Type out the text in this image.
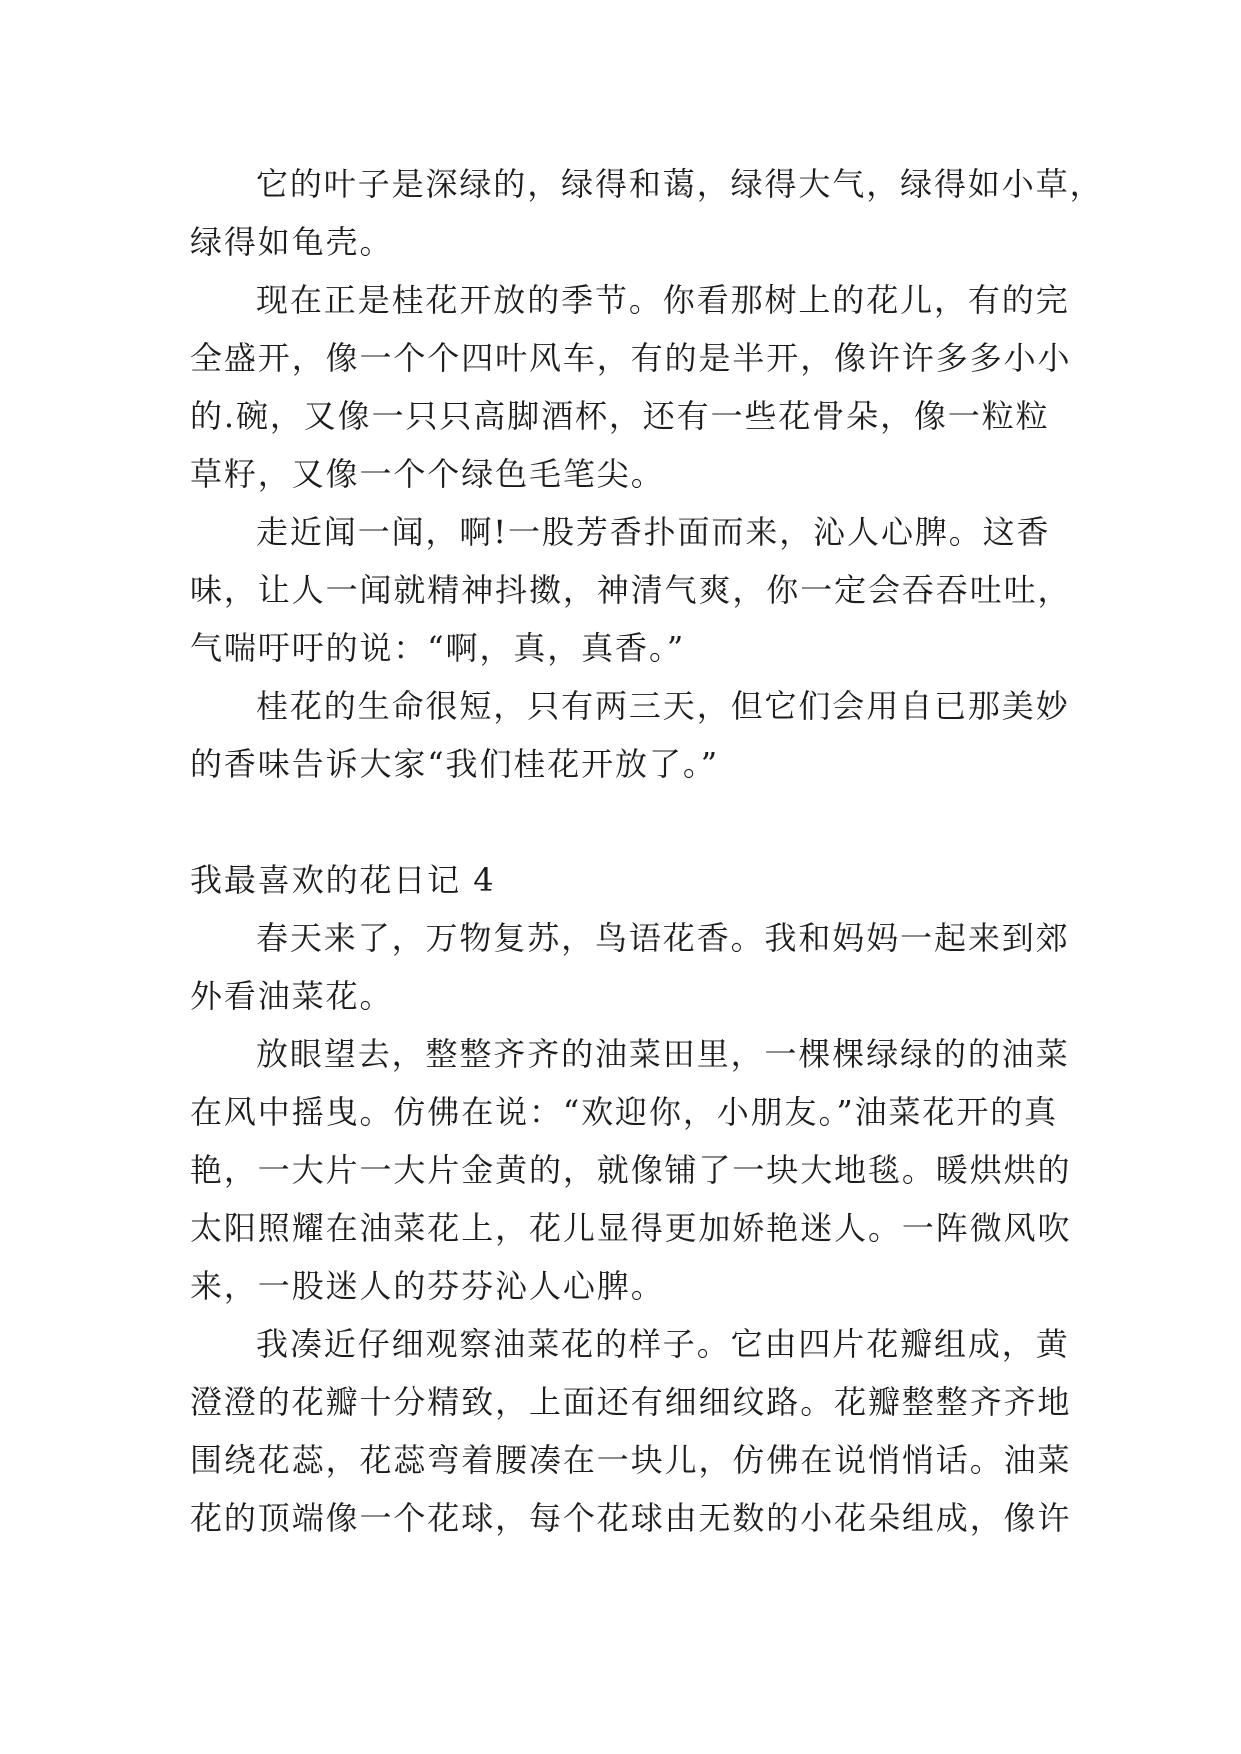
它的叶子是深绿的，绿得和蔼，绿得大气，绿得如小草，
绿得如龟壳。
现在正是桂花开放的季节。你看那树上的花儿，有的完
全盛开，像一个个四叶风车，有的是半开，像许许多多小小
的.碗，又像一只只高脚酒杯，还有一些花骨朵，像一粒粒
草籽，又像一个个绿色毛笔尖。
走近闻一闻，啊!一股芳香扑面而来，沁人心脾。这香
味，让人一闻就精神抖擞，神清气爽，你一定会吞吞吐吐，
气喘吁吁的说：“啊，真，真香。”
桂花的生命很短，只有两三天，但它们会用自已那美妙
的香味告诉大家“我们桂花开放了。”
我最喜欢的花日记 4
春天来了，万物复苏，鸟语花香。我和妈妈一起来到郊
外看油菜花。
放眼望去，整整齐齐的油菜田里，一棵棵绿绿的的油菜
在风中摇曳。仿佛在说：“欢迎你，小朋友。”油菜花开的真
艳，一大片一大片金黄的，就像铺了一块大地毯。暖烘烘的
太阳照耀在油菜花上，花儿显得更加娇艳迷人。一阵微风吹
来，一股迷人的芬芬沁人心脾。
我凑近仔细观察油菜花的样子。它由四片花瓣组成，黄
澄澄的花瓣十分精致，上面还有细细纹路。花瓣整整齐齐地
围绕花蕊，花蕊弯着腰凑在一块儿，仿佛在说悄悄话。油菜
花的顶端像一个花球，每个花球由无数的小花朵组成，像许
